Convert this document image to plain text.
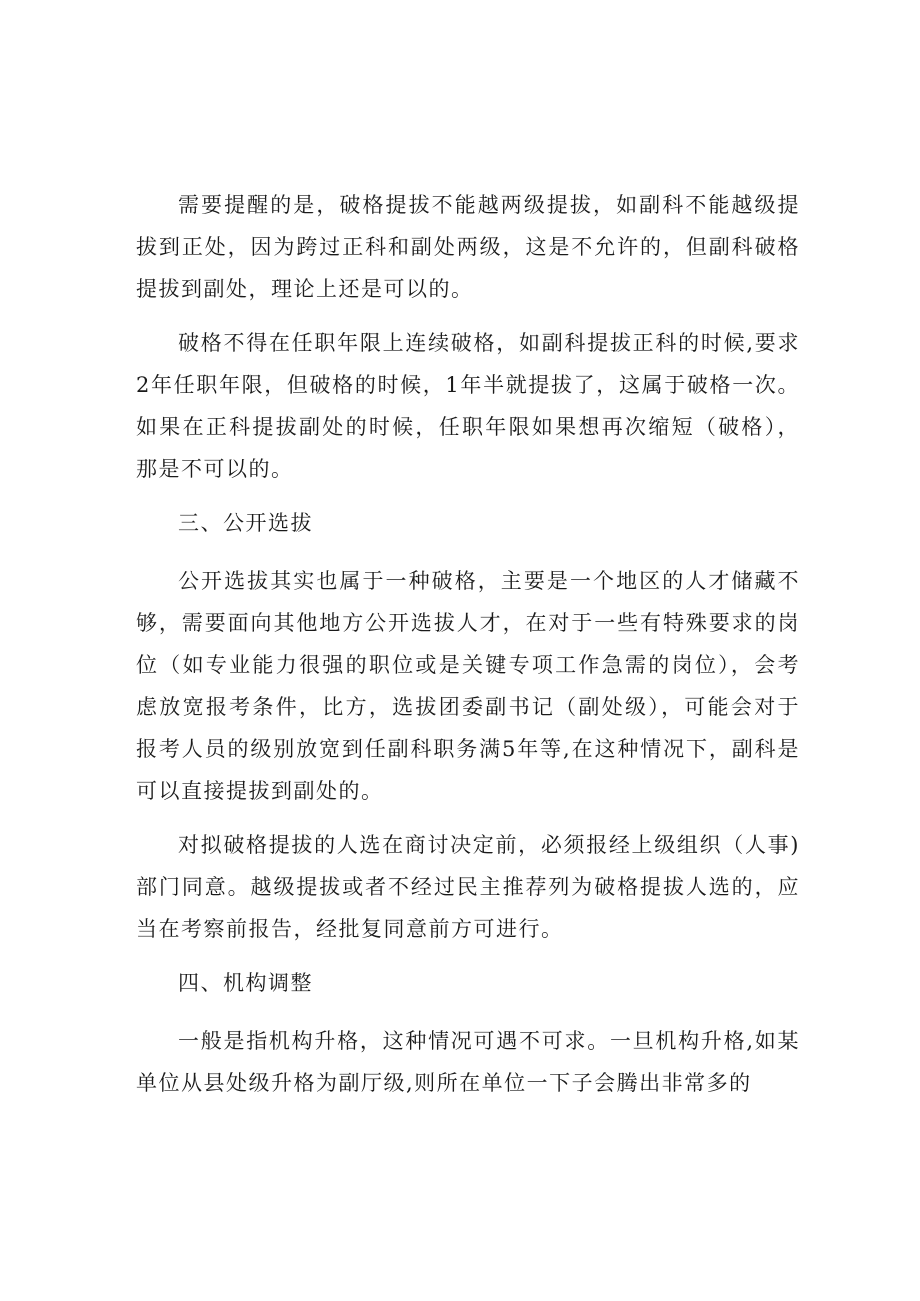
需要提醒的是，破格提拔不能越两级提拔，如副科不能越级提拔到正处，因为跨过正科和副处两级，这是不允许的，但副科破格提拔到副处，理论上还是可以的。

破格不得在任职年限上连续破格，如副科提拔正科的时候,要求2年任职年限，但破格的时候，1年半就提拔了，这属于破格一次。如果在正科提拔副处的时候，任职年限如果想再次缩短（破格），那是不可以的。

三、公开选拔

公开选拔其实也属于一种破格，主要是一个地区的人才储藏不够，需要面向其他地方公开选拔人才，在对于一些有特殊要求的岗位（如专业能力很强的职位或是关键专项工作急需的岗位），会考虑放宽报考条件，比方，选拔团委副书记（副处级），可能会对于报考人员的级别放宽到任副科职务满5年等,在这种情况下，副科是可以直接提拔到副处的。

对拟破格提拔的人选在商讨决定前，必须报经上级组织（人事)部门同意。越级提拔或者不经过民主推荐列为破格提拔人选的，应当在考察前报告，经批复同意前方可进行。

四、机构调整

一般是指机构升格，这种情况可遇不可求。一旦机构升格,如某单位从县处级升格为副厅级,则所在单位一下子会腾出非常多的
